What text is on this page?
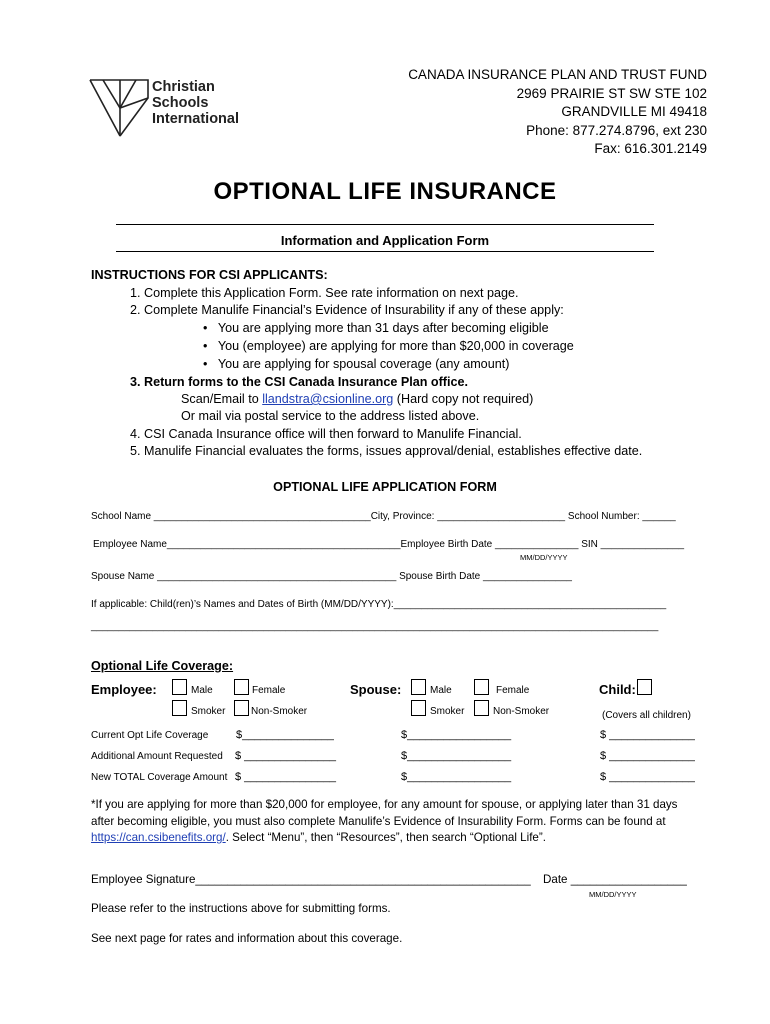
Christian
Schools
International
CANADA INSURANCE PLAN AND TRUST FUND
2969 PRAIRIE ST SW STE 102
GRANDVILLE MI 49418
Phone: 877.274.8796, ext 230
Fax: 616.301.2149
OPTIONAL LIFE INSURANCE
Information and Application Form
INSTRUCTIONS FOR CSI APPLICANTS:
1. Complete this Application Form. See rate information on next page.
2. Complete Manulife Financial’s Evidence of Insurability if any of these apply:
• You are applying more than 31 days after becoming eligible
• You (employee) are applying for more than $20,000 in coverage
• You are applying for spousal coverage (any amount)
3. Return forms to the CSI Canada Insurance Plan office.
Scan/Email to llandstra@csionline.org (Hard copy not required)
Or mail via postal service to the address listed above.
4. CSI Canada Insurance office will then forward to Manulife Financial.
5. Manulife Financial evaluates the forms, issues approval/denial, establishes effective date.
OPTIONAL LIFE APPLICATION FORM
School Name _______________________________________City, Province: _______________________ School Number: ______
Employee Name__________________________________________Employee Birth Date _______________ SIN _______________
MM/DD/YYYY
Spouse Name ___________________________________________ Spouse Birth Date ________________
If applicable: Child(ren)’s Names and Dates of Birth (MM/DD/YYYY):_________________________________________________
______________________________________________________________________________________________________
Optional Life Coverage:
Employee:	Male	Female
Smoker	Non-Smoker
Spouse:	Male	Female
Smoker	Non-Smoker
Child:
(Covers all children)
Current Opt Life Coverage	$_______________	$_________________	$ ______________
Additional Amount Requested $ _______________	$_________________	$ ______________
New TOTAL Coverage Amount $ _______________	$_________________	$ ______________
*If you are applying for more than $20,000 for employee, for any amount for spouse, or applying later than 31 days
after becoming eligible, you must also complete Manulife’s Evidence of Insurability Form. Forms can be found at
https://can.csibenefits.org/. Select “Menu”, then “Resources”, then search “Optional Life”.
Employee Signature____________________________________________________ Date __________________
MM/DD/YYYY
Please refer to the instructions above for submitting forms.
See next page for rates and information about this coverage.
